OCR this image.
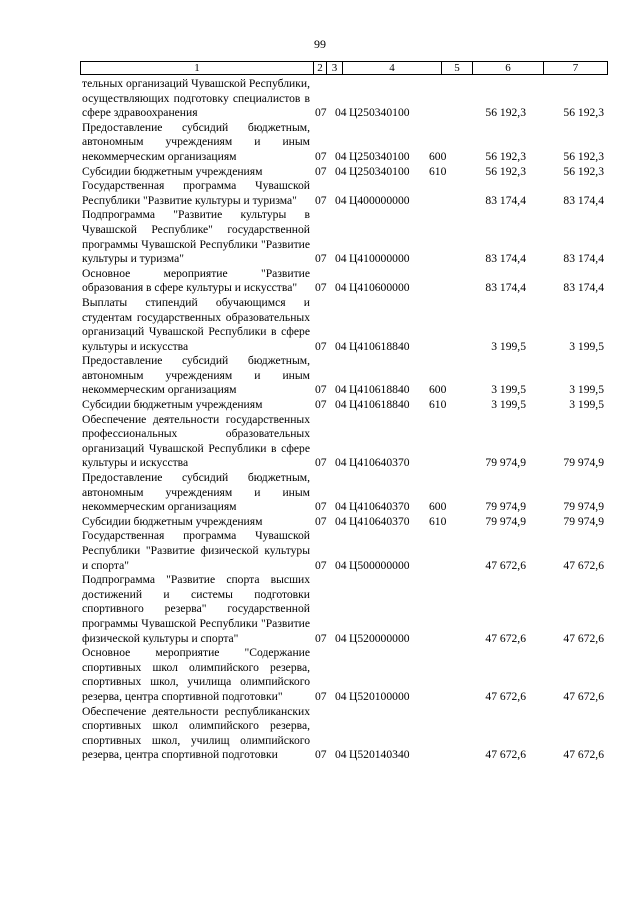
99
1	2 3	4	5	6	7
тельных организаций Чувашской Республики, осуществляющих подготовку специалистов в сфере здравоохранения	07 04 Ц250340100	56 192,3	56 192,3
Предоставление субсидий бюджетным, автономным учреждениям и иным некоммерческим организациям	07 04 Ц250340100 600	56 192,3	56 192,3
Субсидии бюджетным учреждениям	07 04 Ц250340100 610	56 192,3	56 192,3
Государственная программа Чувашской Республики "Развитие культуры и туризма"	07 04 Ц400000000	83 174,4	83 174,4
Подпрограмма "Развитие культуры в Чувашской Республике" государственной программы Чувашской Республики "Развитие культуры и туризма"	07 04 Ц410000000	83 174,4	83 174,4
Основное мероприятие "Развитие образования в сфере культуры и искусства"	07 04 Ц410600000	83 174,4	83 174,4
Выплаты стипендий обучающимся и студентам государственных образовательных организаций Чувашской Республики в сфере культуры и искусства	07 04 Ц410618840	3 199,5	3 199,5
Предоставление субсидий бюджетным, автономным учреждениям и иным некоммерческим организациям	07 04 Ц410618840 600	3 199,5	3 199,5
Субсидии бюджетным учреждениям	07 04 Ц410618840 610	3 199,5	3 199,5
Обеспечение деятельности государственных профессиональных образовательных организаций Чувашской Республики в сфере культуры и искусства	07 04 Ц410640370	79 974,9	79 974,9
Предоставление субсидий бюджетным, автономным учреждениям и иным некоммерческим организациям	07 04 Ц410640370 600	79 974,9	79 974,9
Субсидии бюджетным учреждениям	07 04 Ц410640370 610	79 974,9	79 974,9
Государственная программа Чувашской Республики "Развитие физической культуры и спорта"	07 04 Ц500000000	47 672,6	47 672,6
Подпрограмма "Развитие спорта высших достижений и системы подготовки спортивного резерва" государственной программы Чувашской Республики "Развитие физической культуры и спорта"	07 04 Ц520000000	47 672,6	47 672,6
Основное мероприятие "Содержание спортивных школ олимпийского резерва, спортивных школ, училища олимпийского резерва, центра спортивной подготовки"	07 04 Ц520100000	47 672,6	47 672,6
Обеспечение деятельности республиканских спортивных школ олимпийского резерва, спортивных школ, училищ олимпийского резерва, центра спортивной подготовки	07 04 Ц520140340	47 672,6	47 672,6
